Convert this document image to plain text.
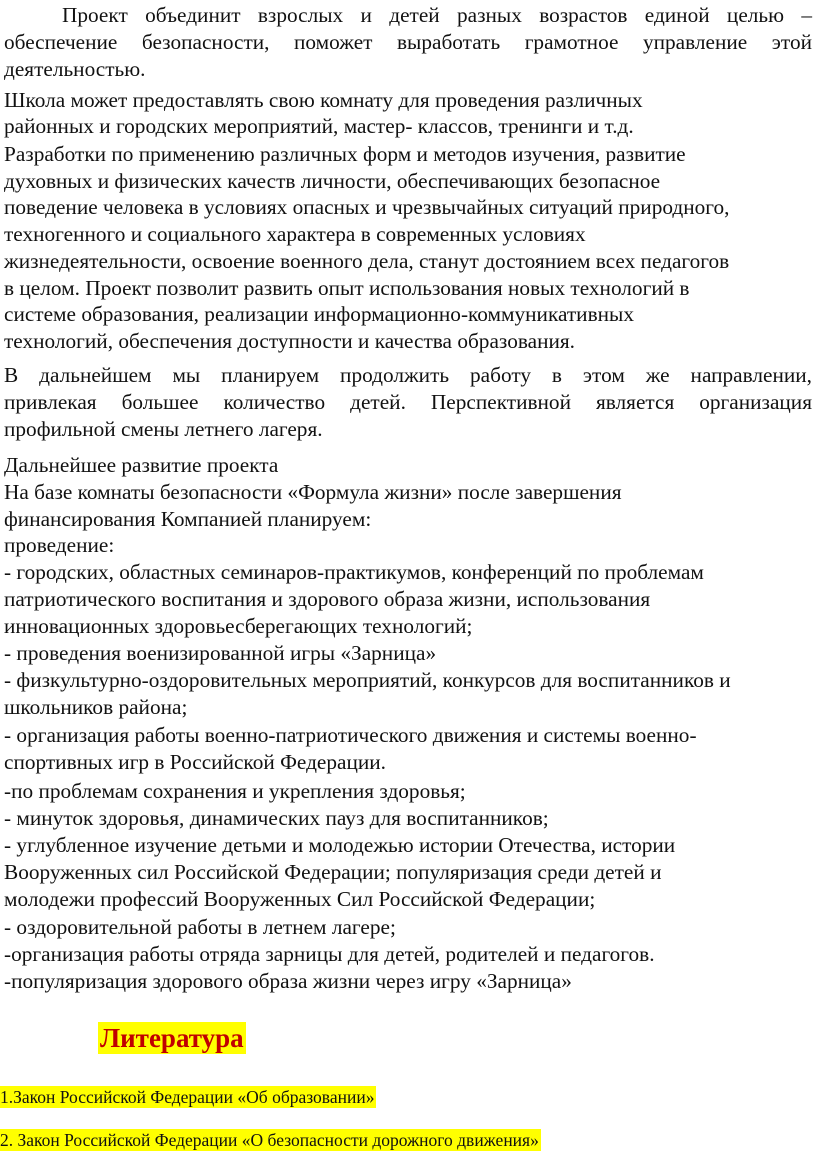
Проект объединит взрослых и детей разных возрастов единой целью –
обеспечение безопасности, поможет выработать грамотное управление этой
деятельностью.
Школа может предоставлять свою комнату для проведения различных
районных и городских мероприятий, мастер- классов, тренинги и т.д.
Разработки по применению различных форм и методов изучения, развитие
духовных и физических качеств личности, обеспечивающих безопасное
поведение человека в условиях опасных и чрезвычайных ситуаций природного,
техногенного и социального характера в современных условиях
жизнедеятельности, освоение военного дела, станут достоянием всех педагогов
в целом. Проект позволит развить опыт использования новых технологий в
системе образования, реализации информационно-коммуникативных
технологий, обеспечения доступности и качества образования.
В дальнейшем мы планируем продолжить работу в этом же направлении,
привлекая большее количество детей. Перспективной является организация
профильной смены летнего лагеря.
Дальнейшее развитие проекта
На базе комнаты безопасности «Формула жизни» после завершения
финансирования Компанией планируем:
проведение:
- городских, областных семинаров-практикумов, конференций по проблемам
патриотического воспитания и здорового образа жизни, использования
инновационных здоровьесберегающих технологий;
- проведения военизированной игры «Зарница»
- физкультурно-оздоровительных мероприятий, конкурсов для воспитанников и
школьников района;
- организация работы военно-патриотического движения и системы военно-
спортивных игр в Российской Федерации.
-по проблемам сохранения и укрепления здоровья;
- минуток здоровья, динамических пауз для воспитанников;
- углубленное изучение детьми и молодежью истории Отечества, истории
Вооруженных сил Российской Федерации; популяризация среди детей и
молодежи профессий Вооруженных Сил Российской Федерации;
- оздоровительной работы в летнем лагере;
-организация работы отряда зарницы для детей, родителей и педагогов.
-популяризация здорового образа жизни через игру «Зарница»
Литература
1.Закон Российской Федерации «Об образовании»
2. Закон Российской Федерации «О безопасности дорожного движения»
